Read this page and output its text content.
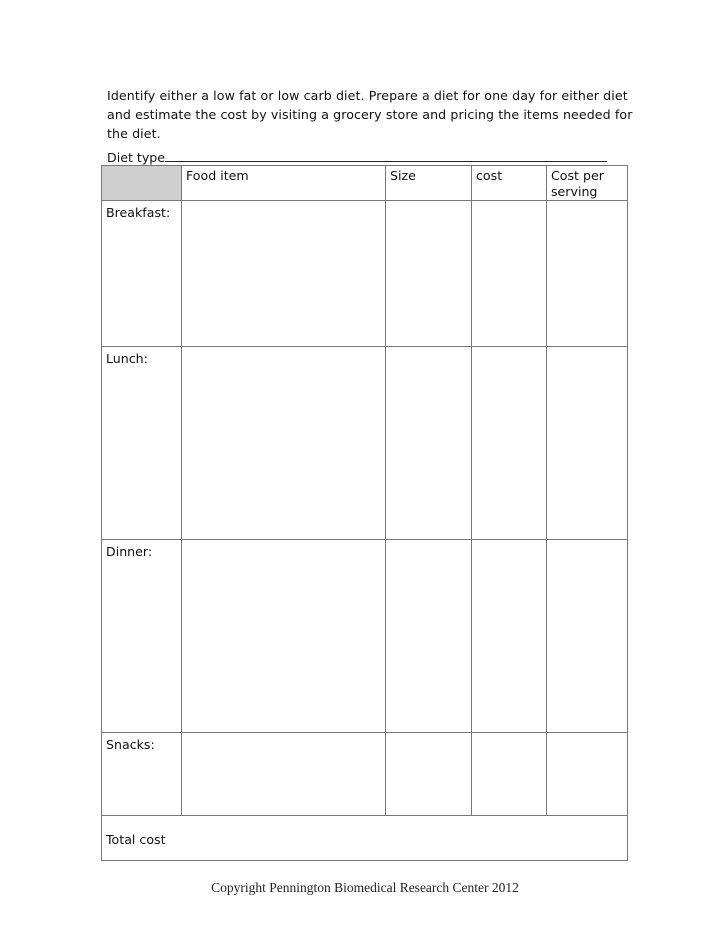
Identify either a low fat or low carb diet. Prepare a diet for one day for either diet and estimate the cost by visiting a grocery store and pricing the items needed for the diet.

Diet type
	Food item	Size	cost	Cost per serving
Breakfast:				
Lunch:				
Dinner:				
Snacks:				
Total cost				
Copyright Pennington Biomedical Research Center 2012
